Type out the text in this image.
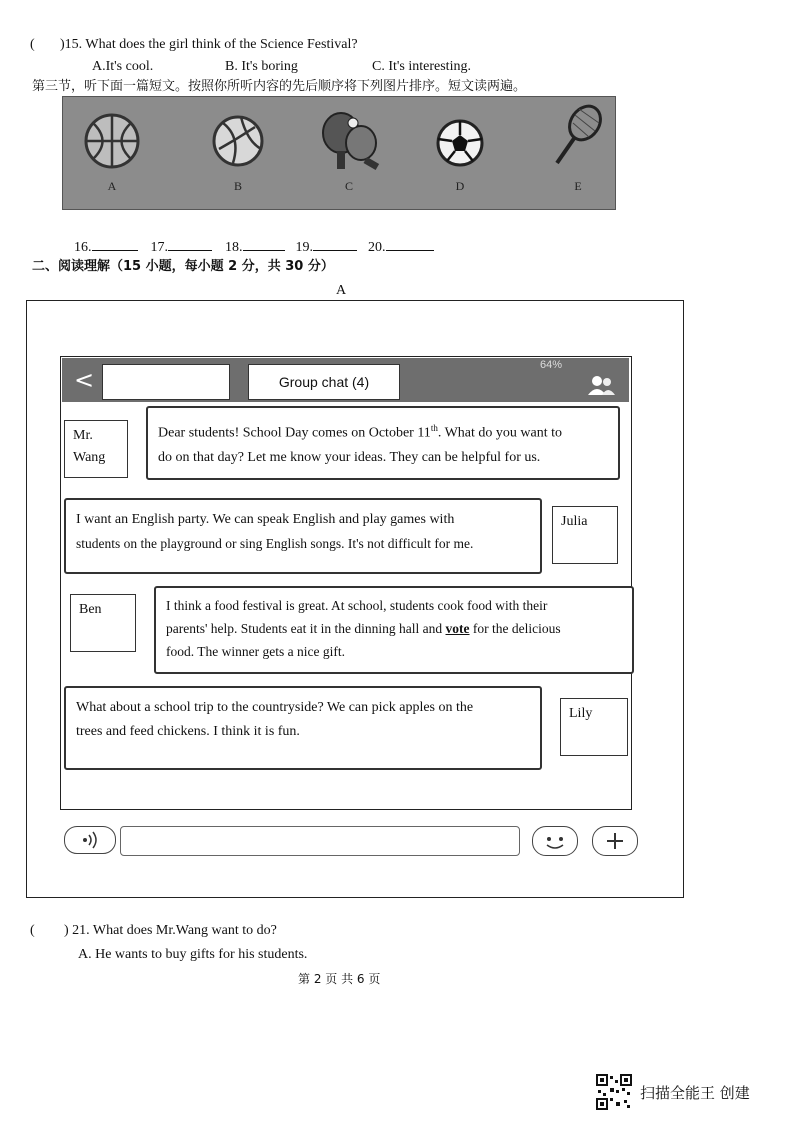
( )15. What does the girl think of the Science Festival?
A.It's cool.	B. It's boring	C. It's interesting.
第三节，听下面一篇短文。按照你所听内容的先后顺序将下列图片排序。短文读两遍。
A	B	C	D	E
16.	17.	18.	19.	20.
二、阅读理解（15 小题，每小题 2 分，共 30 分）
A
<	Group chat (4)
64%
Mr.
Wang
Dear students! School Day comes on October 11th. What do you want to
do on that day? Let me know your ideas. They can be helpful for us.
I want an English party. We can speak English and play games with
students on the playground or sing English songs. It's not difficult for me.
Julia
Ben	I think a food festival is great. At school, students cook food with their
parents' help. Students eat it in the dinning hall and vote for the delicious
food. The winner gets a nice gift.
What about a school trip to the countryside? We can pick apples on the
trees and feed chickens. I think it is fun.
Lily
( ) 21. What does Mr.Wang want to do?
A. He wants to buy gifts for his students.
第 2 页 共 6 页
扫描全能王 创建
